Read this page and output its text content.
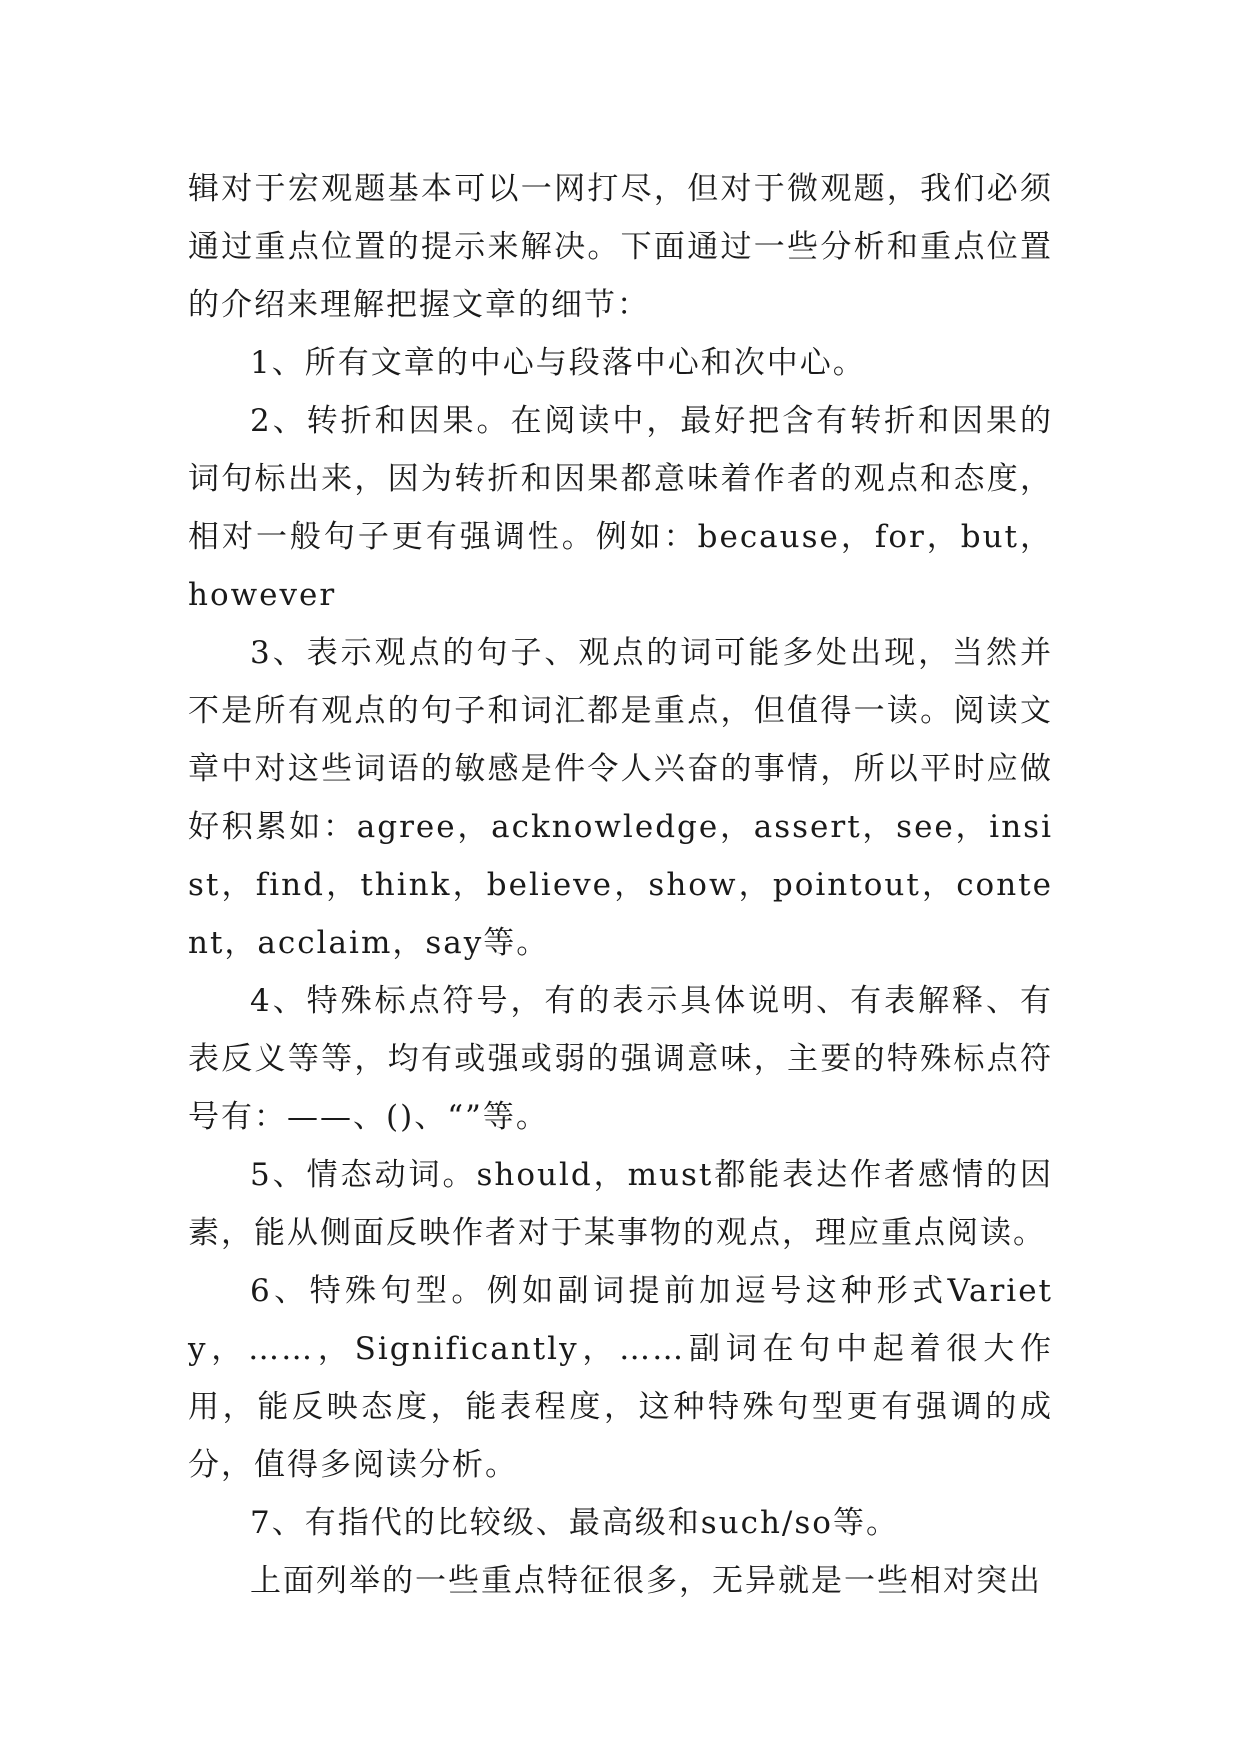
辑对于宏观题基本可以一网打尽，但对于微观题，我们必须通过重点位置的提示来解决。下面通过一些分析和重点位置的介绍来理解把握文章的细节：

1、所有文章的中心与段落中心和次中心。

2、转折和因果。在阅读中，最好把含有转折和因果的词句标出来，因为转折和因果都意味着作者的观点和态度，相对一般句子更有强调性。例如：because，for，but，however

3、表示观点的句子、观点的词可能多处出现，当然并不是所有观点的句子和词汇都是重点，但值得一读。阅读文章中对这些词语的敏感是件令人兴奋的事情，所以平时应做好积累如：agree，acknowledge，assert，see，insist，find，think，believe，show，pointout，content，acclaim，say等。

4、特殊标点符号，有的表示具体说明、有表解释、有表反义等等，均有或强或弱的强调意味，主要的特殊标点符号有：——、()、“”等。

5、情态动词。should，must都能表达作者感情的因素，能从侧面反映作者对于某事物的观点，理应重点阅读。

6、特殊句型。例如副词提前加逗号这种形式Variety，……，Significantly，……副词在句中起着很大作用，能反映态度，能表程度，这种特殊句型更有强调的成分，值得多阅读分析。

7、有指代的比较级、最高级和such/so等。

上面列举的一些重点特征很多，无异就是一些相对突出
